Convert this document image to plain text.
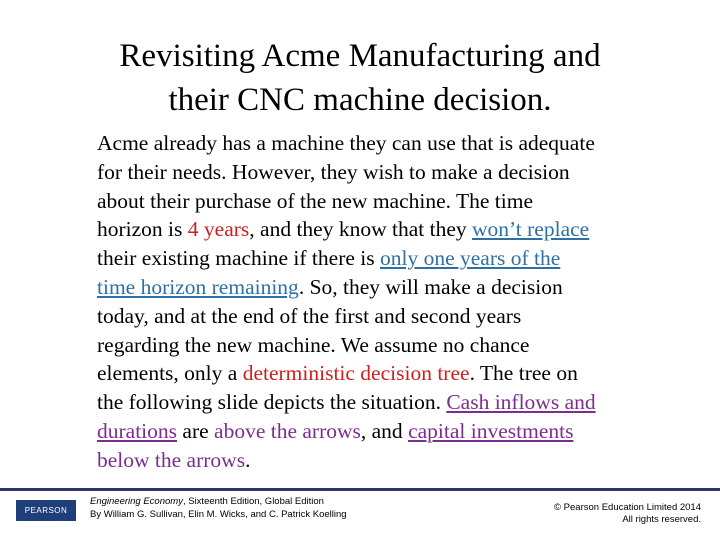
Revisiting Acme Manufacturing and
their CNC machine decision.
Acme already has a machine they can use that is adequate
for their needs. However, they wish to make a decision
about their purchase of the new machine. The time
horizon is 4 years, and they know that they won’t replace
their existing machine if there is only one years of the
time horizon remaining. So, they will make a decision
today, and at the end of the first and second years
regarding the new machine. We assume no chance
elements, only a deterministic decision tree. The tree on
the following slide depicts the situation. Cash inflows and
durations are above the arrows, and capital investments
below the arrows.
PEARSON
Engineering Economy, Sixteenth Edition, Global Edition
By William G. Sullivan, Elin M. Wicks, and C. Patrick Koelling
© Pearson Education Limited 2014
All rights reserved.
